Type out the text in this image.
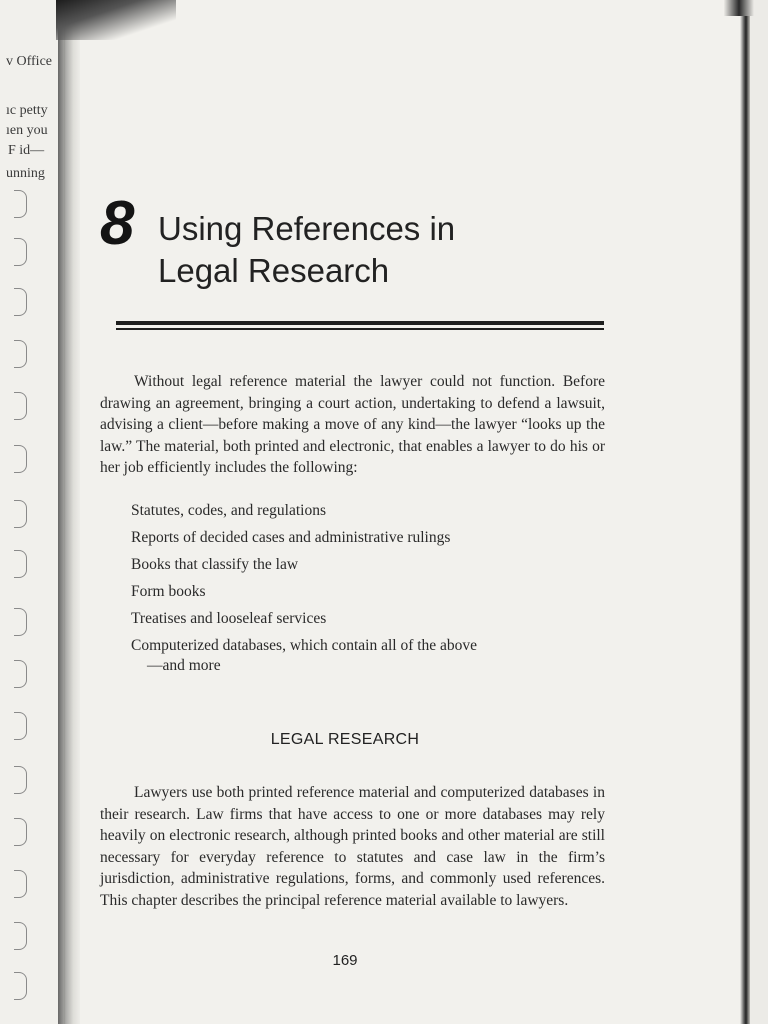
v Office
ıc petty
ıen you
F id—
unning
8 Using References in
Legal Research
Without legal reference material the lawyer could not function. Before drawing an agreement, bringing a court action, undertaking to defend a lawsuit, advising a client—before making a move of any kind—the lawyer “looks up the law.” The material, both printed and electronic, that enables a lawyer to do his or her job efficiently includes the following:
Statutes, codes, and regulations
Reports of decided cases and administrative rulings
Books that classify the law
Form books
Treatises and looseleaf services
Computerized databases, which contain all of the above
—and more
LEGAL RESEARCH
Lawyers use both printed reference material and computerized databases in their research. Law firms that have access to one or more databases may rely heavily on electronic research, although printed books and other material are still necessary for everyday reference to statutes and case law in the firm’s jurisdiction, administrative regulations, forms, and commonly used references. This chapter describes the principal reference material available to lawyers.
169
